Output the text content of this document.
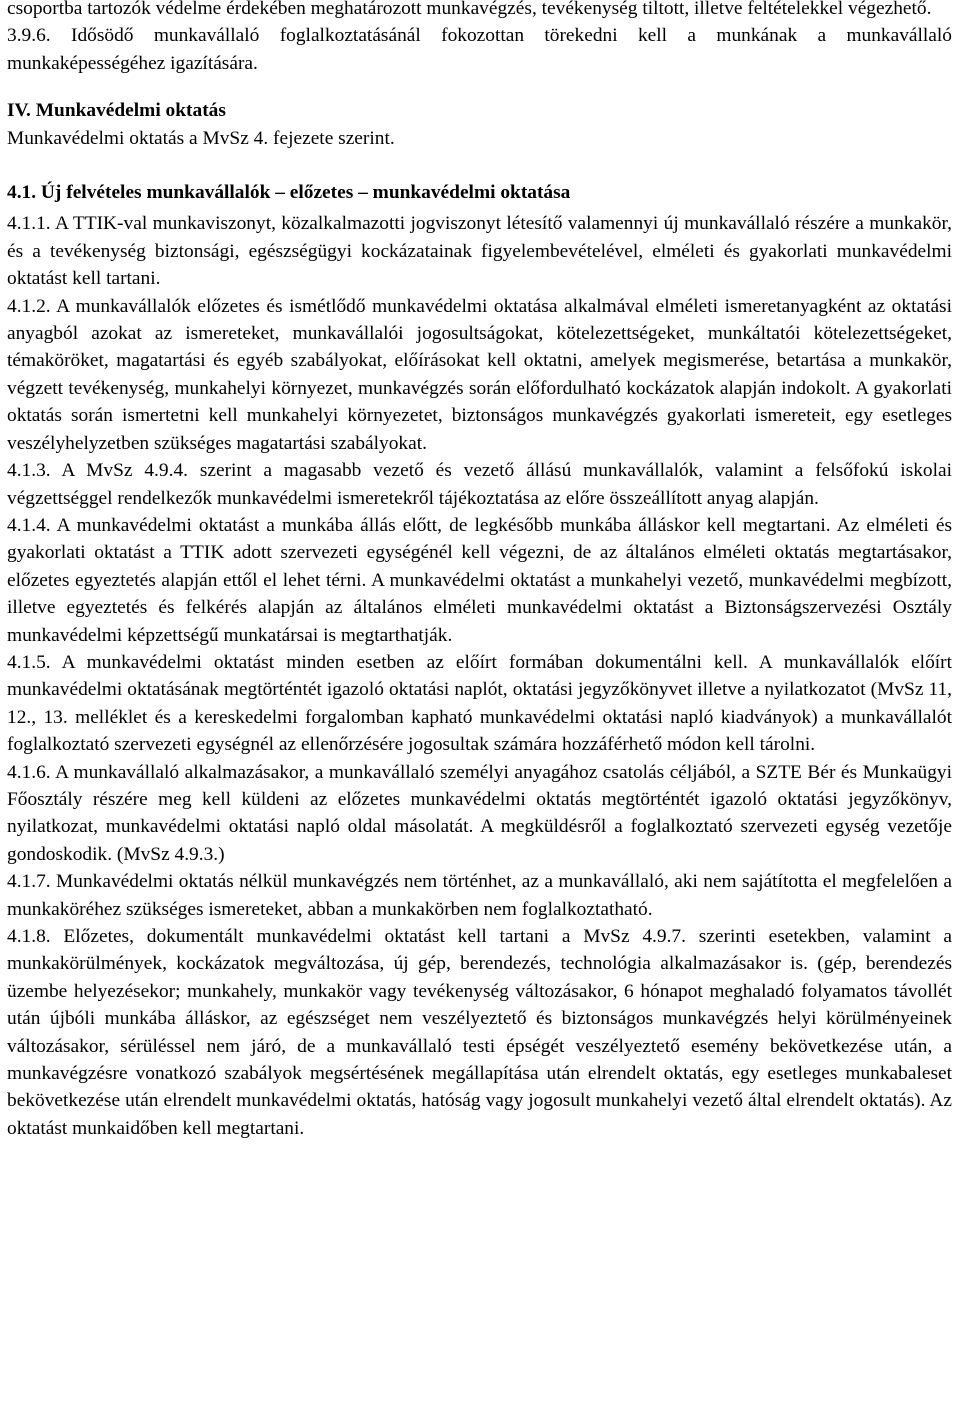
csoportba tartozók védelme érdekében meghatározott munkavégzés, tevékenység tiltott, illetve feltételekkel végezhető.

3.9.6. Idősödő munkavállaló foglalkoztatásánál fokozottan törekedni kell a munkának a munkavállaló munkaképességéhez igazítására.

IV. Munkavédelmi oktatás

Munkavédelmi oktatás a MvSz 4. fejezete szerint.

4.1. Új felvételes munkavállalók – előzetes – munkavédelmi oktatása

4.1.1. A TTIK-val munkaviszonyt, közalkalmazotti jogviszonyt létesítő valamennyi új munkavállaló részére a munkakör, és a tevékenység biztonsági, egészségügyi kockázatainak figyelembevételével, elméleti és gyakorlati munkavédelmi oktatást kell tartani.

4.1.2. A munkavállalók előzetes és ismétlődő munkavédelmi oktatása alkalmával elméleti ismeretanyagként az oktatási anyagból azokat az ismereteket, munkavállalói jogosultságokat, kötelezettségeket, munkáltatói kötelezettségeket, témaköröket, magatartási és egyéb szabályokat, előírásokat kell oktatni, amelyek megismerése, betartása a munkakör, végzett tevékenység, munkahelyi környezet, munkavégzés során előfordulható kockázatok alapján indokolt. A gyakorlati oktatás során ismertetni kell munkahelyi környezetet, biztonságos munkavégzés gyakorlati ismereteit, egy esetleges veszélyhelyzetben szükséges magatartási szabályokat.

4.1.3. A MvSz 4.9.4. szerint a magasabb vezető és vezető állású munkavállalók, valamint a felsőfokú iskolai végzettséggel rendelkezők munkavédelmi ismeretekről tájékoztatása az előre összeállított anyag alapján.

4.1.4. A munkavédelmi oktatást a munkába állás előtt, de legkésőbb munkába álláskor kell megtartani. Az elméleti és gyakorlati oktatást a TTIK adott szervezeti egységénél kell végezni, de az általános elméleti oktatás megtartásakor, előzetes egyeztetés alapján ettől el lehet térni. A munkavédelmi oktatást a munkahelyi vezető, munkavédelmi megbízott, illetve egyeztetés és felkérés alapján az általános elméleti munkavédelmi oktatást a Biztonságszervezési Osztály munkavédelmi képzettségű munkatársai is megtarthatják.

4.1.5. A munkavédelmi oktatást minden esetben az előírt formában dokumentálni kell. A munkavállalók előírt munkavédelmi oktatásának megtörténtét igazoló oktatási naplót, oktatási jegyzőkönyvet illetve a nyilatkozatot (MvSz 11, 12., 13. melléklet és a kereskedelmi forgalomban kapható munkavédelmi oktatási napló kiadványok) a munkavállalót foglalkoztató szervezeti egységnél az ellenőrzésére jogosultak számára hozzáférhető módon kell tárolni.

4.1.6. A munkavállaló alkalmazásakor, a munkavállaló személyi anyagához csatolás céljából, a SZTE Bér és Munkaügyi Főosztály részére meg kell küldeni az előzetes munkavédelmi oktatás megtörténtét igazoló oktatási jegyzőkönyv, nyilatkozat, munkavédelmi oktatási napló oldal másolatát. A megküldésről a foglalkoztató szervezeti egység vezetője gondoskodik. (MvSz 4.9.3.)

4.1.7. Munkavédelmi oktatás nélkül munkavégzés nem történhet, az a munkavállaló, aki nem sajátította el megfelelően a munkaköréhez szükséges ismereteket, abban a munkakörben nem foglalkoztatható.

4.1.8. Előzetes, dokumentált munkavédelmi oktatást kell tartani a MvSz 4.9.7. szerinti esetekben, valamint a munkakörülmények, kockázatok megváltozása, új gép, berendezés, technológia alkalmazásakor is. (gép, berendezés üzembe helyezésekor; munkahely, munkakör vagy tevékenység változásakor, 6 hónapot meghaladó folyamatos távollét után újbóli munkába álláskor, az egészséget nem veszélyeztető és biztonságos munkavégzés helyi körülményeinek változásakor, sérüléssel nem járó, de a munkavállaló testi épségét veszélyeztető esemény bekövetkezése után, a munkavégzésre vonatkozó szabályok megsértésének megállapítása után elrendelt oktatás, egy esetleges munkabaleset bekövetkezése után elrendelt munkavédelmi oktatás, hatóság vagy jogosult munkahelyi vezető által elrendelt oktatás). Az oktatást munkaidőben kell megtartani.
